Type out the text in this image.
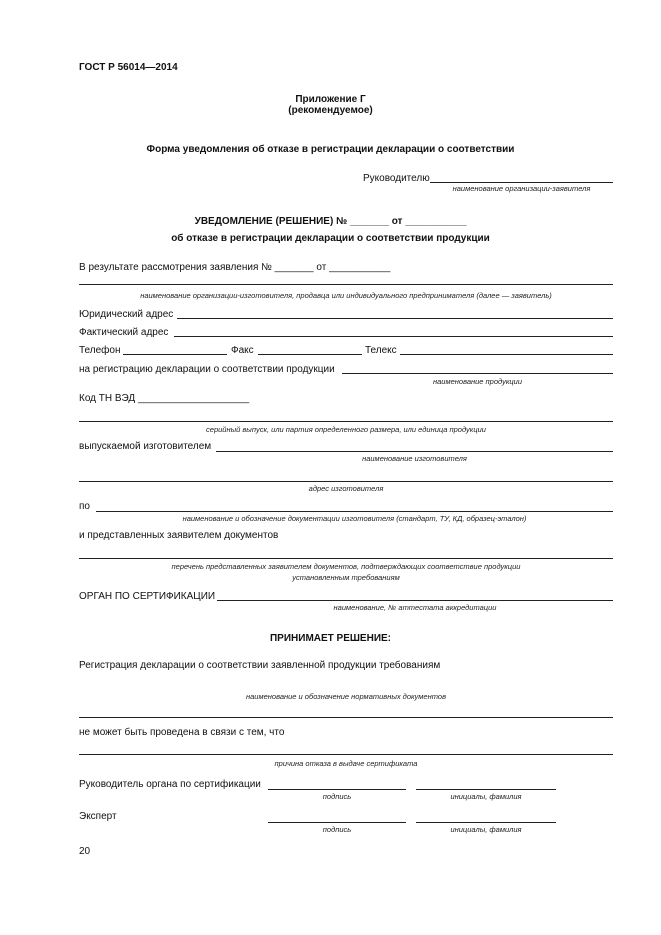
ГОСТ Р 56014—2014
Приложение Г
(рекомендуемое)
Форма уведомления об отказе в регистрации декларации о соответствии
Руководителю
наименование организации-заявителя
УВЕДОМЛЕНИЕ (РЕШЕНИЕ) № _______ от ___________
об отказе в регистрации декларации о соответствии продукции
В результате рассмотрения заявления № _______ от ___________
наименование организации-изготовителя, продавца или индивидуального предпринимателя (далее — заявитель)
Юридический адрес
Фактический адрес
Телефон	Факс	Телекс
на регистрацию декларации о соответствии продукции
наименование продукции
Код ТН ВЭД ____________________
серийный выпуск, или партия определенного размера, или единица продукции
выпускаемой изготовителем
наименование изготовителя
адрес изготовителя
по
наименование и обозначение документации изготовителя (стандарт, ТУ, КД, образец-эталон)
и представленных заявителем документов
перечень представленных заявителем документов, подтверждающих соответствие продукции
установленным требованиям
ОРГАН ПО СЕРТИФИКАЦИИ
наименование, № аттестата аккредитации
ПРИНИМАЕТ РЕШЕНИЕ:
Регистрация декларации о соответствии заявленной продукции требованиям
наименование и обозначение нормативных документов
не может быть проведена в связи с тем, что
причина отказа в выдаче сертификата
Руководитель органа по сертификации
подпись	инициалы, фамилия
Эксперт
подпись	инициалы, фамилия
20
